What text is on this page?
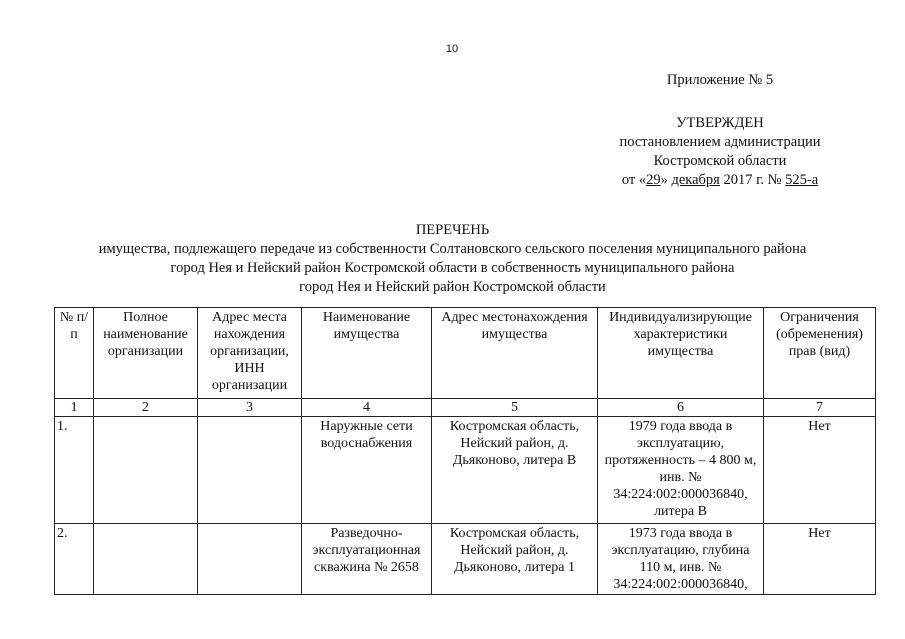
10
Приложение № 5
УТВЕРЖДЕН
постановлением администрации
Костромской области
от «29» декабря 2017 г. № 525-а
ПЕРЕЧЕНЬ
имущества, подлежащего передаче из собственности Солтановского сельского поселения муниципального района
город Нея и Нейский район Костромской области в собственность муниципального района
город Нея и Нейский район Костромской области
№ п/п	Полное наименование организации	Адрес места нахождения организации, ИНН организации	Наименование имущества	Адрес местонахождения имущества	Индивидуализирующие характеристики имущества	Ограничения (обременения) прав (вид)
1	2	3	4	5	6	7
1.			Наружные сети водоснабжения	Костромская область, Нейский район, д. Дьяконово, литера В	1979 года ввода в эксплуатацию, протяженность – 4 800 м, инв. № 34:224:002:000036840, литера В	Нет
2.			Разведочно-эксплуатационная скважина № 2658	Костромская область, Нейский район, д. Дьяконово, литера 1	1973 года ввода в эксплуатацию, глубина 110 м, инв. № 34:224:002:000036840,	Нет
